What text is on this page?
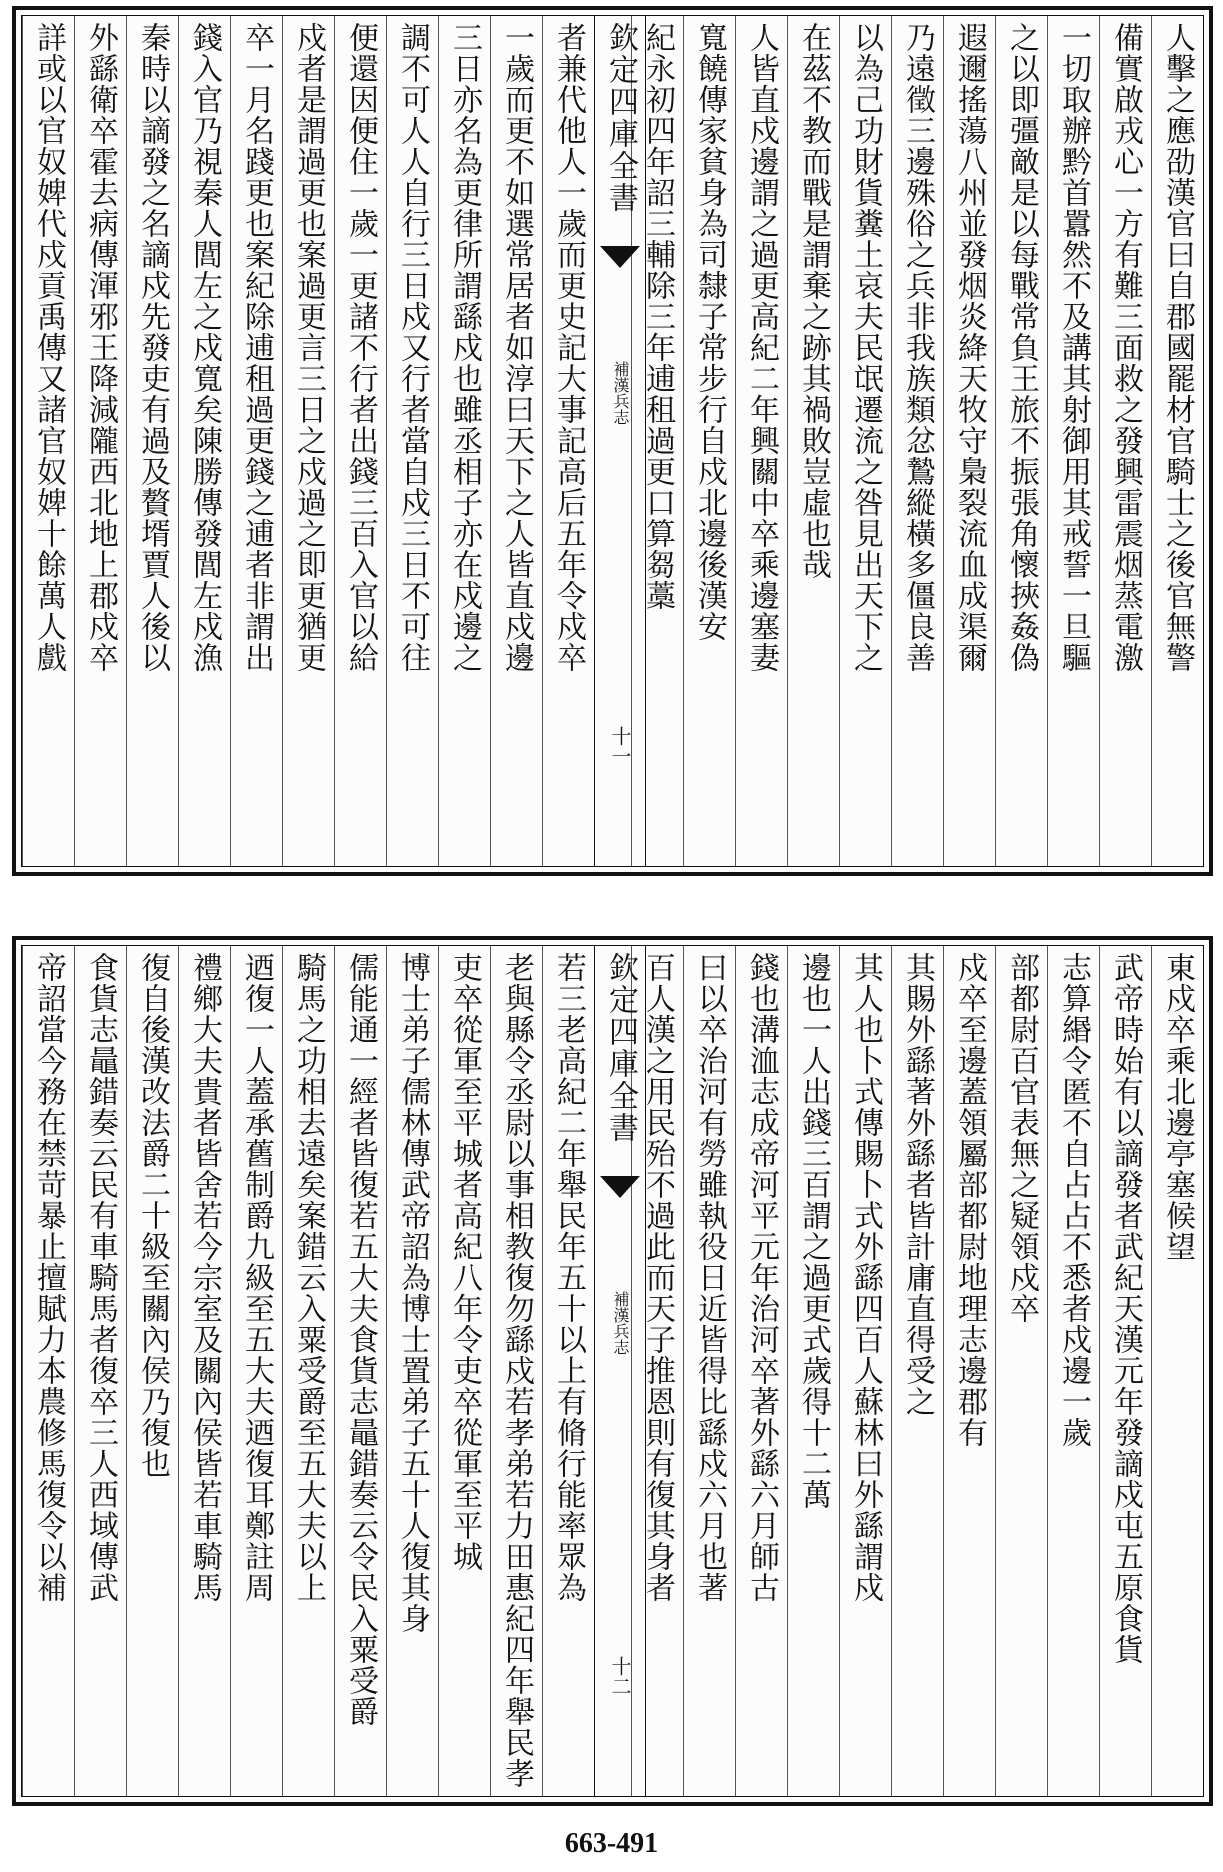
人擊之應劭漢官曰自郡國罷材官騎士之後官無警
備實啟戎心一方有難三面救之發興雷震烟蒸電激
一切取辦黔首囂然不及講其射御用其戒誓一旦驅
之以即彊敵是以每戰常負王旅不振張角懷挾姦偽
遐邇搖蕩八州並發烟炎絳天牧守梟裂流血成渠爾
乃遠徵三邊殊俗之兵非我族類忿鷙縱橫多僵良善
以為己功財貨糞土哀夫民氓遷流之咎見出天下之
在茲不教而戰是謂棄之跡其禍敗豈虛也哉
人皆直戍邊謂之過更高紀二年興關中卒乘邊塞妻
寬饒傳家貧身為司隸子常步行自戍北邊後漢安
紀永初四年詔三輔除三年逋租過更口算芻藁
欽定四庫全書
補漢兵志
十一
者兼代他人一歲而更史記大事記高后五年令戍卒
一歲而更不如選常居者如淳曰天下之人皆直戍邊
三日亦名為更律所謂繇戍也雖丞相子亦在戍邊之
調不可人人自行三日戍又行者當自戍三日不可往
便還因便住一歲一更諸不行者出錢三百入官以給
戍者是謂過更也案過更言三日之戍過之即更猶更
卒一月名踐更也案紀除逋租過更錢之逋者非謂出
錢入官乃視秦人閭左之戍寬矣陳勝傳發閭左戍漁
秦時以謫發之名謫戍先發吏有過及贅壻賈人後以
外繇衛卒霍去病傳渾邪王降減隴西北地上郡戍卒
詳或以官奴婢代戍貢禹傳又諸官奴婢十餘萬人戲
東戍卒乘北邊亭塞候望
武帝時始有以謫發者武紀天漢元年發謫戍屯五原食貨
志算緡令匿不自占占不悉者戍邊一歲
部都尉百官表無之疑領戍卒
戍卒至邊蓋領屬部都尉地理志邊郡有
其賜外繇著外繇者皆計庸直得受之
其人也卜式傳賜卜式外繇四百人蘇林曰外繇謂戍
邊也一人出錢三百謂之過更式歲得十二萬
錢也溝洫志成帝河平元年治河卒著外繇六月師古
曰以卒治河有勞雖執役日近皆得比繇戍六月也著
百人漢之用民殆不過此而天子推恩則有復其身者
欽定四庫全書
補漢兵志
十二
若三老高紀二年舉民年五十以上有脩行能率眾為
老與縣令丞尉以事相教復勿繇戍若孝弟若力田惠紀四年舉民孝
吏卒從軍至平城者高紀八年令吏卒從軍至平城
博士弟子儒林傳武帝詔為博士置弟子五十人復其身
儒能通一經者皆復若五大夫食貨志鼂錯奏云令民入粟受爵
騎馬之功相去遠矣案錯云入粟受爵至五大夫以上
迺復一人蓋承舊制爵九級至五大夫迺復耳鄭註周
禮鄉大夫貴者皆舍若今宗室及關內侯皆若車騎馬
復自後漢改法爵二十級至關內侯乃復也
食貨志鼂錯奏云民有車騎馬者復卒三人西域傳武
帝詔當今務在禁苛暴止擅賦力本農修馬復令以補
663-491
